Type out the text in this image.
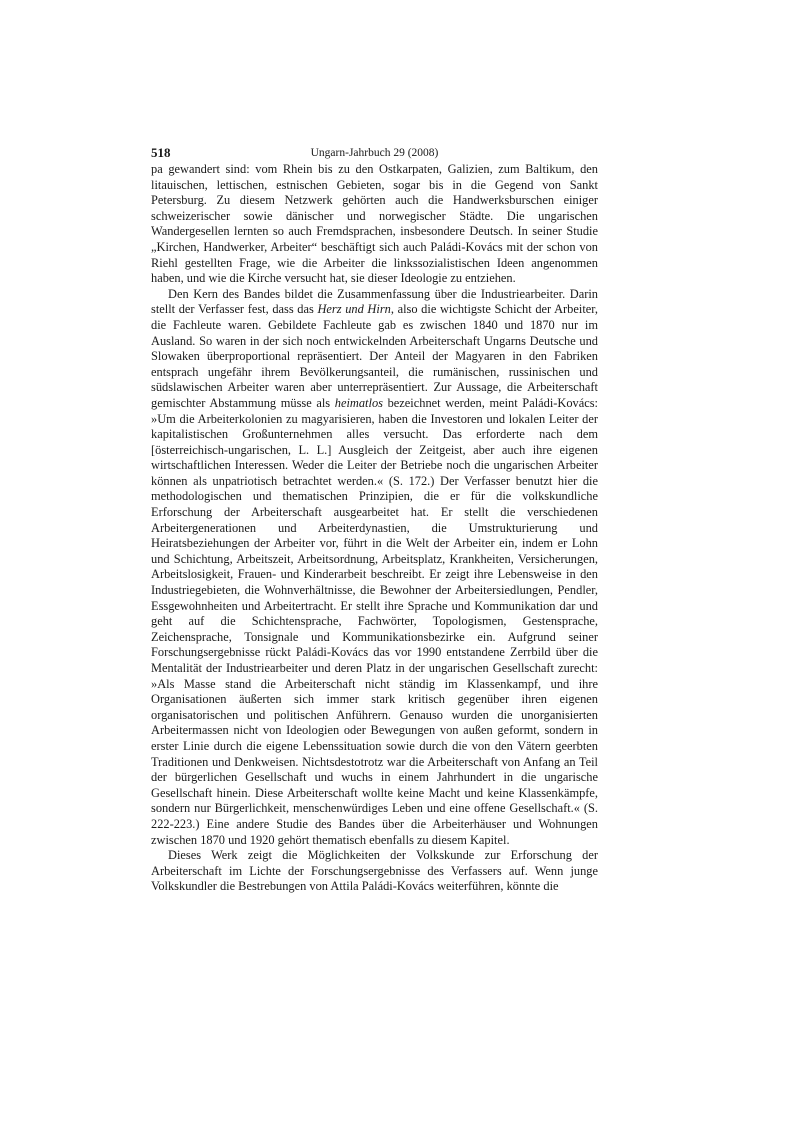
518	Ungarn-Jahrbuch 29 (2008)

pa gewandert sind: vom Rhein bis zu den Ostkarpaten, Galizien, zum Baltikum, den litauischen, lettischen, estnischen Gebieten, sogar bis in die Gegend von Sankt Petersburg. Zu diesem Netzwerk gehörten auch die Handwerksburschen einiger schweizerischer sowie dänischer und norwegischer Städte. Die ungarischen Wandergesellen lernten so auch Fremdsprachen, insbesondere Deutsch. In seiner Studie „Kirchen, Handwerker, Arbeiter“ beschäftigt sich auch Paládi-Kovács mit der schon von Riehl gestellten Frage, wie die Arbeiter die linkssozialistischen Ideen angenommen haben, und wie die Kirche versucht hat, sie dieser Ideologie zu entziehen.

Den Kern des Bandes bildet die Zusammenfassung über die Industriearbeiter. Darin stellt der Verfasser fest, dass das Herz und Hirn, also die wichtigste Schicht der Arbeiter, die Fachleute waren. Gebildete Fachleute gab es zwischen 1840 und 1870 nur im Ausland. So waren in der sich noch entwickelnden Arbeiterschaft Ungarns Deutsche und Slowaken überproportional repräsentiert. Der Anteil der Magyaren in den Fabriken entsprach ungefähr ihrem Bevölkerungsanteil, die rumänischen, russinischen und südslawischen Arbeiter waren aber unterrepräsentiert. Zur Aussage, die Arbeiterschaft gemischter Abstammung müsse als heimatlos bezeichnet werden, meint Paládi-Kovács: »Um die Arbeiterkolonien zu magyarisieren, haben die Investoren und lokalen Leiter der kapitalistischen Großunternehmen alles versucht. Das erforderte nach dem [österreichisch-ungarischen, L. L.] Ausgleich der Zeitgeist, aber auch ihre eigenen wirtschaftlichen Interessen. Weder die Leiter der Betriebe noch die ungarischen Arbeiter können als unpatriotisch betrachtet werden.« (S. 172.) Der Verfasser benutzt hier die methodologischen und thematischen Prinzipien, die er für die volkskundliche Erforschung der Arbeiterschaft ausgearbeitet hat. Er stellt die verschiedenen Arbeitergenerationen und Arbeiterdynastien, die Umstrukturierung und Heiratsbeziehungen der Arbeiter vor, führt in die Welt der Arbeiter ein, indem er Lohn und Schichtung, Arbeitszeit, Arbeitsordnung, Arbeitsplatz, Krankheiten, Versicherungen, Arbeitslosigkeit, Frauen- und Kinderarbeit beschreibt. Er zeigt ihre Lebensweise in den Industriegebieten, die Wohnverhältnisse, die Bewohner der Arbeitersiedlungen, Pendler, Essgewohnheiten und Arbeitertracht. Er stellt ihre Sprache und Kommunikation dar und geht auf die Schichtensprache, Fachwörter, Topologismen, Gestensprache, Zeichensprache, Tonsignale und Kommunikationsbezirke ein. Aufgrund seiner Forschungsergebnisse rückt Paládi-Kovács das vor 1990 entstandene Zerrbild über die Mentalität der Industriearbeiter und deren Platz in der ungarischen Gesellschaft zurecht: »Als Masse stand die Arbeiterschaft nicht ständig im Klassenkampf, und ihre Organisationen äußerten sich immer stark kritisch gegenüber ihren eigenen organisatorischen und politischen Anführern. Genauso wurden die unorganisierten Arbeitermassen nicht von Ideologien oder Bewegungen von außen geformt, sondern in erster Linie durch die eigene Lebenssituation sowie durch die von den Vätern geerbten Traditionen und Denkweisen. Nichtsdestotrotz war die Arbeiterschaft von Anfang an Teil der bürgerlichen Gesellschaft und wuchs in einem Jahrhundert in die ungarische Gesellschaft hinein. Diese Arbeiterschaft wollte keine Macht und keine Klassenkämpfe, sondern nur Bürgerlichkeit, menschenwürdiges Leben und eine offene Gesellschaft.« (S. 222-223.) Eine andere Studie des Bandes über die Arbeiterhäuser und Wohnungen zwischen 1870 und 1920 gehört thematisch ebenfalls zu diesem Kapitel.

Dieses Werk zeigt die Möglichkeiten der Volkskunde zur Erforschung der Arbeiterschaft im Lichte der Forschungsergebnisse des Verfassers auf. Wenn junge Volkskundler die Bestrebungen von Attila Paládi-Kovács weiterführen, könnte die
